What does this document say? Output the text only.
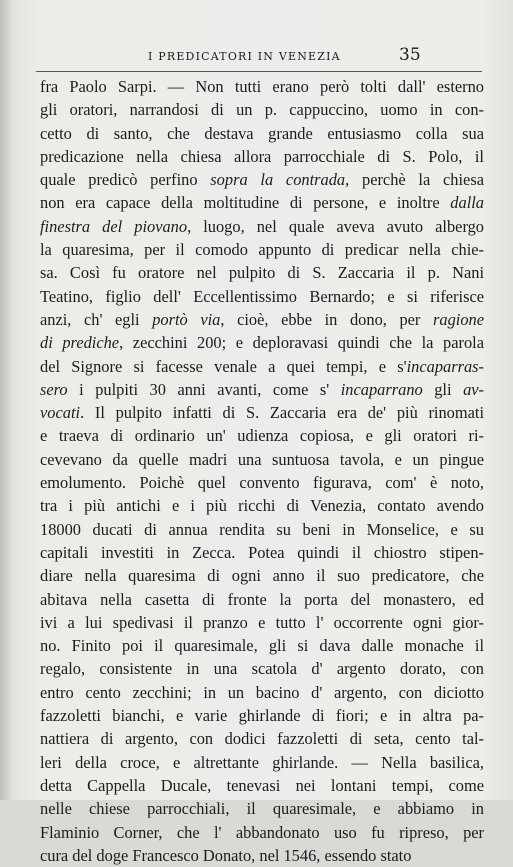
I PREDICATORI IN VENEZIA	35
fra Paolo Sarpi. — Non tutti erano però tolti dall' esterno
gli oratori, narrandosi di un p. cappuccino, uomo in con-
cetto di santo, che destava grande entusiasmo colla sua
predicazione nella chiesa allora parrocchiale di S. Polo, il
quale predicò perfino sopra la contrada, perchè la chiesa
non era capace della moltitudine di persone, e inoltre dalla
finestra del piovano, luogo, nel quale aveva avuto albergo
la quaresima, per il comodo appunto di predicar nella chie-
sa. Così fu oratore nel pulpito di S. Zaccaria il p. Nani
Teatino, figlio dell' Eccellentissimo Bernardo; e si riferisce
anzi, ch' egli portò via, cioè, ebbe in dono, per ragione
di prediche, zecchini 200; e deploravasi quindi che la parola
del Signore si facesse venale a quei tempi, e s'incaparras-
sero i pulpiti 30 anni avanti, come s' incaparrano gli av-
vocati. Il pulpito infatti di S. Zaccaria era de' più rinomati
e traeva di ordinario un' udienza copiosa, e gli oratori ri-
cevevano da quelle madri una suntuosa tavola, e un pingue
emolumento. Poichè quel convento figurava, com' è noto,
tra i più antichi e i più ricchi di Venezia, contato avendo
18000 ducati di annua rendita su beni in Monselice, e su
capitali investiti in Zecca. Potea quindi il chiostro stipen-
diare nella quaresima di ogni anno il suo predicatore, che
abitava nella casetta di fronte la porta del monastero, ed
ivi a lui spedivasi il pranzo e tutto l' occorrente ogni gior-
no. Finito poi il quaresimale, gli si dava dalle monache il
regalo, consistente in una scatola d' argento dorato, con
entro cento zecchini; in un bacino d' argento, con diciotto
fazzoletti bianchi, e varie ghirlande di fiori; e in altra pa-
nattiera di argento, con dodici fazzoletti di seta, cento tal-
leri della croce, e altrettante ghirlande. — Nella basilica,
detta Cappella Ducale, tenevasi nei lontani tempi, come
nelle chiese parrocchiali, il quaresimale, e abbiamo in
Flaminio Corner, che l' abbandonato uso fu ripreso, per
cura del doge Francesco Donato, nel 1546, essendo stato
